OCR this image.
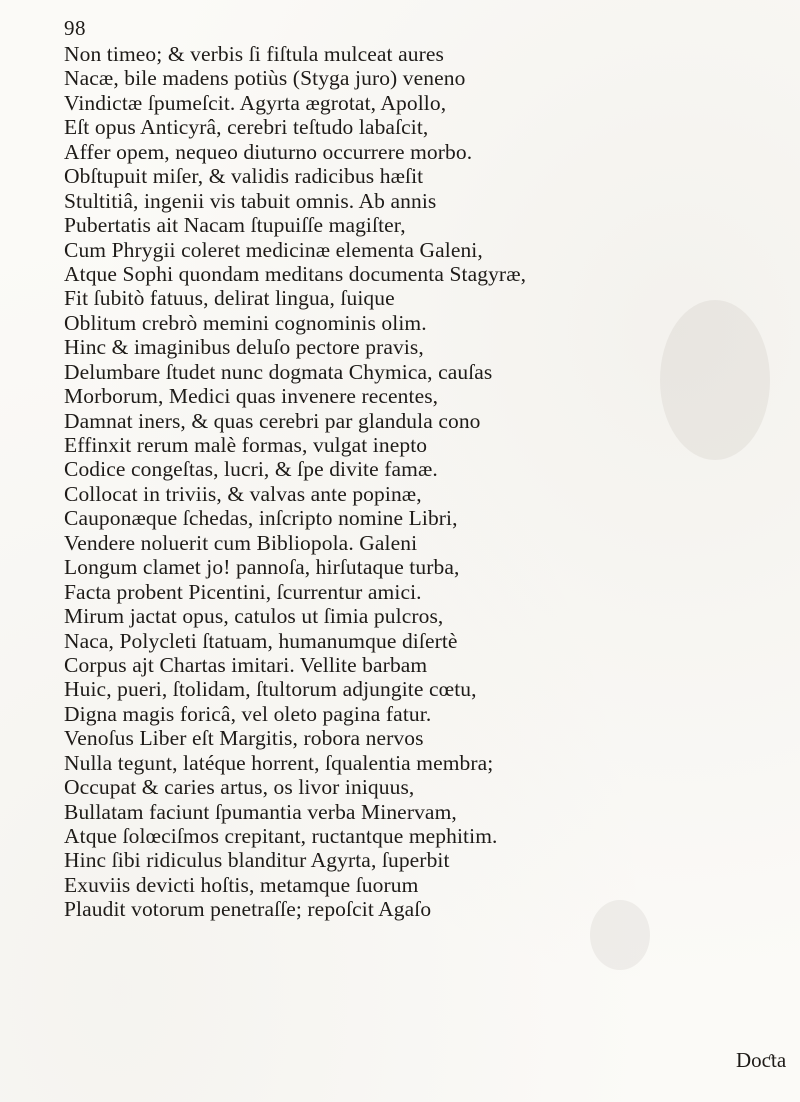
98
Non timeo; & verbis ſi fiſtula mulceat aures
Nacæ, bile madens potiùs (Styga juro) veneno
Vindictæ ſpumeſcit. Agyrta ægrotat, Apollo,
Eſt opus Anticyrâ, cerebri teſtudo labaſcit,
Affer opem, nequeo diuturno occurrere morbo.
Obſtupuit miſer, & validis radicibus hæſit
Stultitiâ, ingenii vis tabuit omnis. Ab annis
Pubertatis ait Nacam ſtupuiſſe magiſter,
Cum Phrygii coleret medicinæ elementa Galeni,
Atque Sophi quondam meditans documenta Stagyræ,
Fit ſubitò fatuus, delirat lingua, ſuique
Oblitum crebrò memini cognominis olim.
Hinc & imaginibus deluſo pectore pravis,
Delumbare ſtudet nunc dogmata Chymica, cauſas
Morborum, Medici quas invenere recentes,
Damnat iners, & quas cerebri par glandula cono
Effinxit rerum malè formas, vulgat inepto
Codice congeſtas, lucri, & ſpe divite famæ.
Collocat in triviis, & valvas ante popinæ,
Cauponæque ſchedas, inſcripto nomine Libri,
Vendere noluerit cum Bibliopola. Galeni
Longum clamet jo! pannoſa, hirſutaque turba,
Facta probent Picentini, ſcurrentur amici.
Mirum jactat opus, catulos ut ſimia pulcros,
Naca, Polycleti ſtatuam, humanumque diſertè
Corpus ajt Chartas imitari. Vellite barbam
Huic, pueri, ſtolidam, ſtultorum adjungite cœtu,
Digna magis foricâ, vel oleto pagina fatur.
Venoſus Liber eſt Margitis, robora nervos
Nulla tegunt, latéque horrent, ſqualentia membra;
Occupat & caries artus, os livor iniquus,
Bullatam faciunt ſpumantia verba Minervam,
Atque ſolœciſmos crepitant, ructantque mephitim.
Hinc ſibi ridiculus blanditur Agyrta, ſuperbit
Exuviis devicti hoſtis, metamque ſuorum
Plaudit votorum penetraſſe; repoſcit Agaſo
Doƈta
